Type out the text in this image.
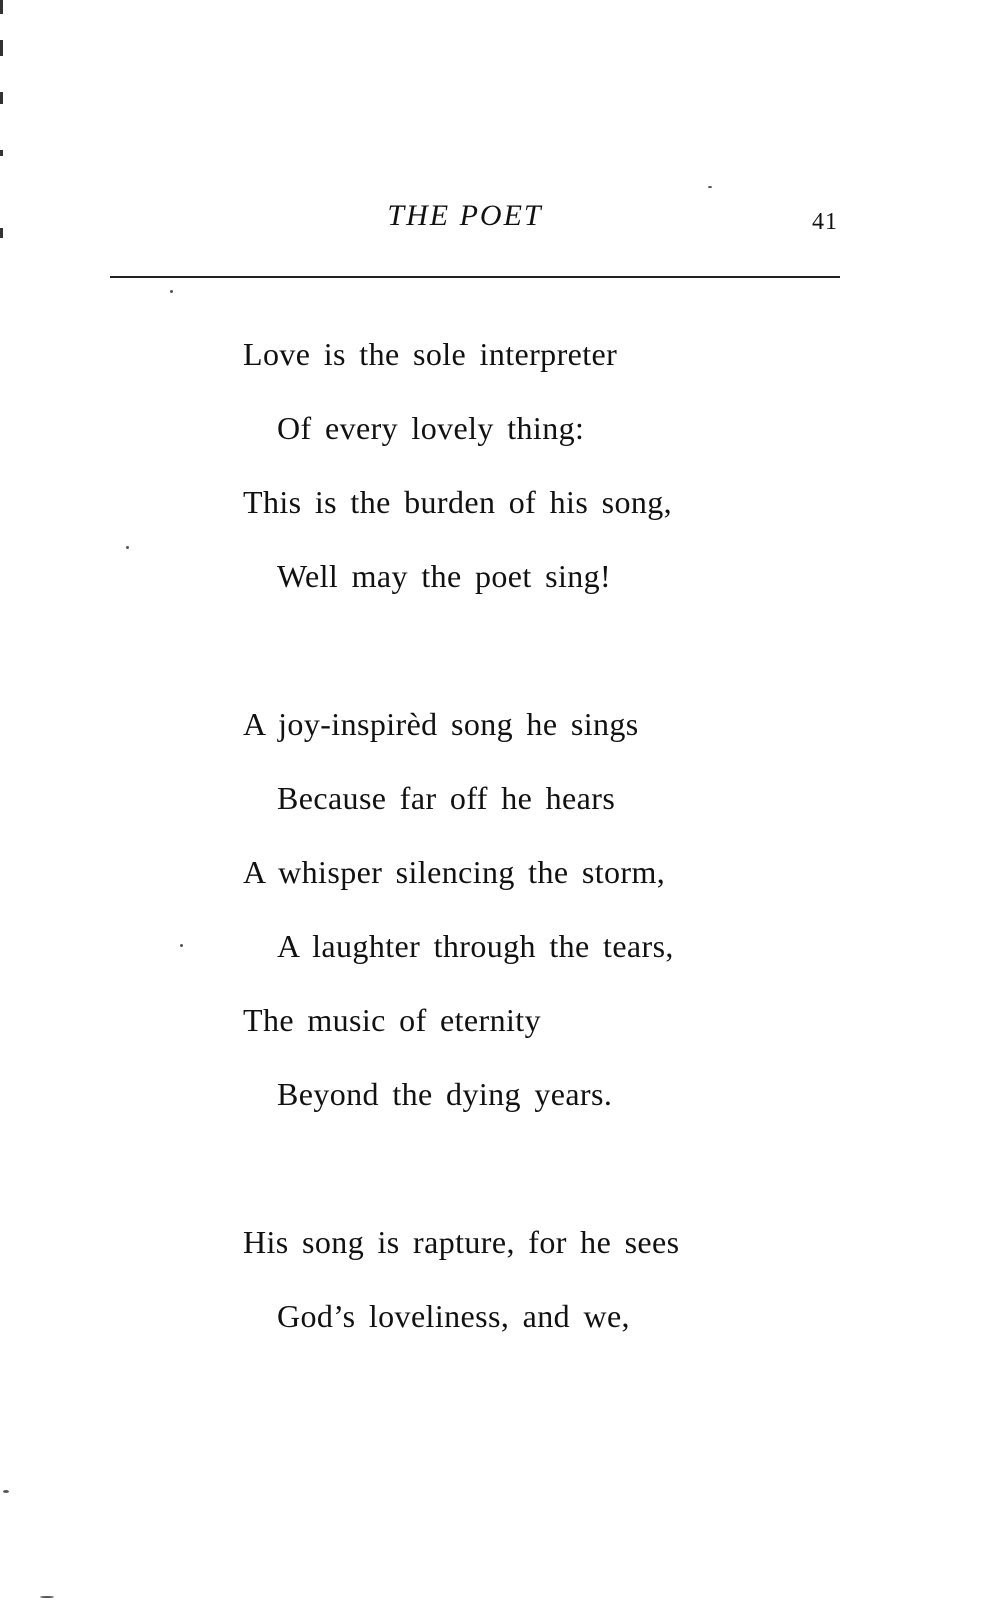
THE POET	41
Love is the sole interpreter
Of every lovely thing:
This is the burden of his song,
Well may the poet sing!
A joy-inspirèd song he sings
Because far off he hears
A whisper silencing the storm,
A laughter through the tears,
The music of eternity
Beyond the dying years.
His song is rapture, for he sees
God’s loveliness, and we,
